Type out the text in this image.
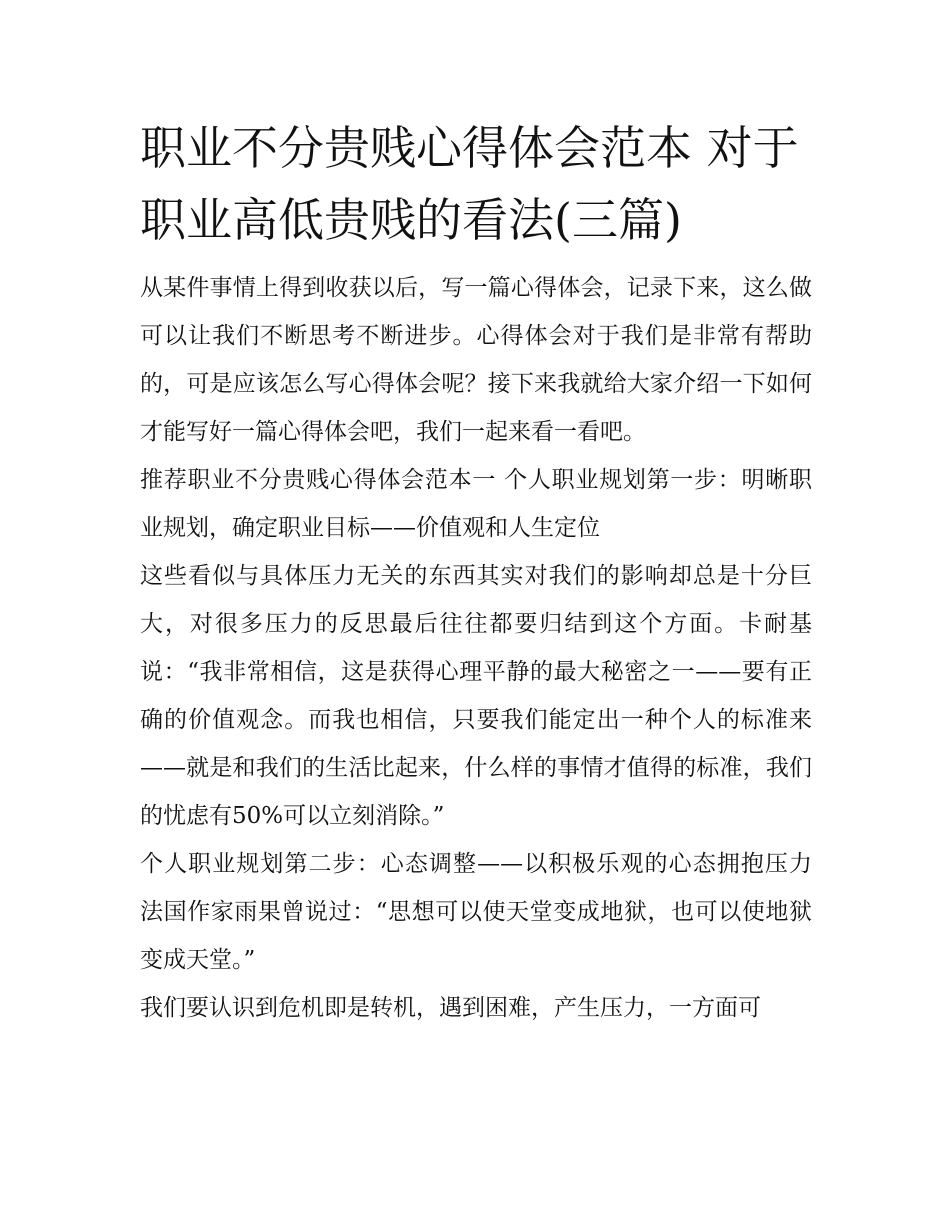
职业不分贵贱心得体会范本 对于职业高低贵贱的看法(三篇)

从某件事情上得到收获以后，写一篇心得体会，记录下来，这么做可以让我们不断思考不断进步。心得体会对于我们是非常有帮助的，可是应该怎么写心得体会呢？接下来我就给大家介绍一下如何才能写好一篇心得体会吧，我们一起来看一看吧。

推荐职业不分贵贱心得体会范本一 个人职业规划第一步：明晰职业规划，确定职业目标——价值观和人生定位

这些看似与具体压力无关的东西其实对我们的影响却总是十分巨大，对很多压力的反思最后往往都要归结到这个方面。卡耐基说：“我非常相信，这是获得心理平静的最大秘密之一——要有正确的价值观念。而我也相信，只要我们能定出一种个人的标准来——就是和我们的生活比起来，什么样的事情才值得的标准，我们的忧虑有50%可以立刻消除。”

个人职业规划第二步：心态调整——以积极乐观的心态拥抱压力 法国作家雨果曾说过：“思想可以使天堂变成地狱，也可以使地狱变成天堂。”

我们要认识到危机即是转机，遇到困难，产生压力，一方面可
